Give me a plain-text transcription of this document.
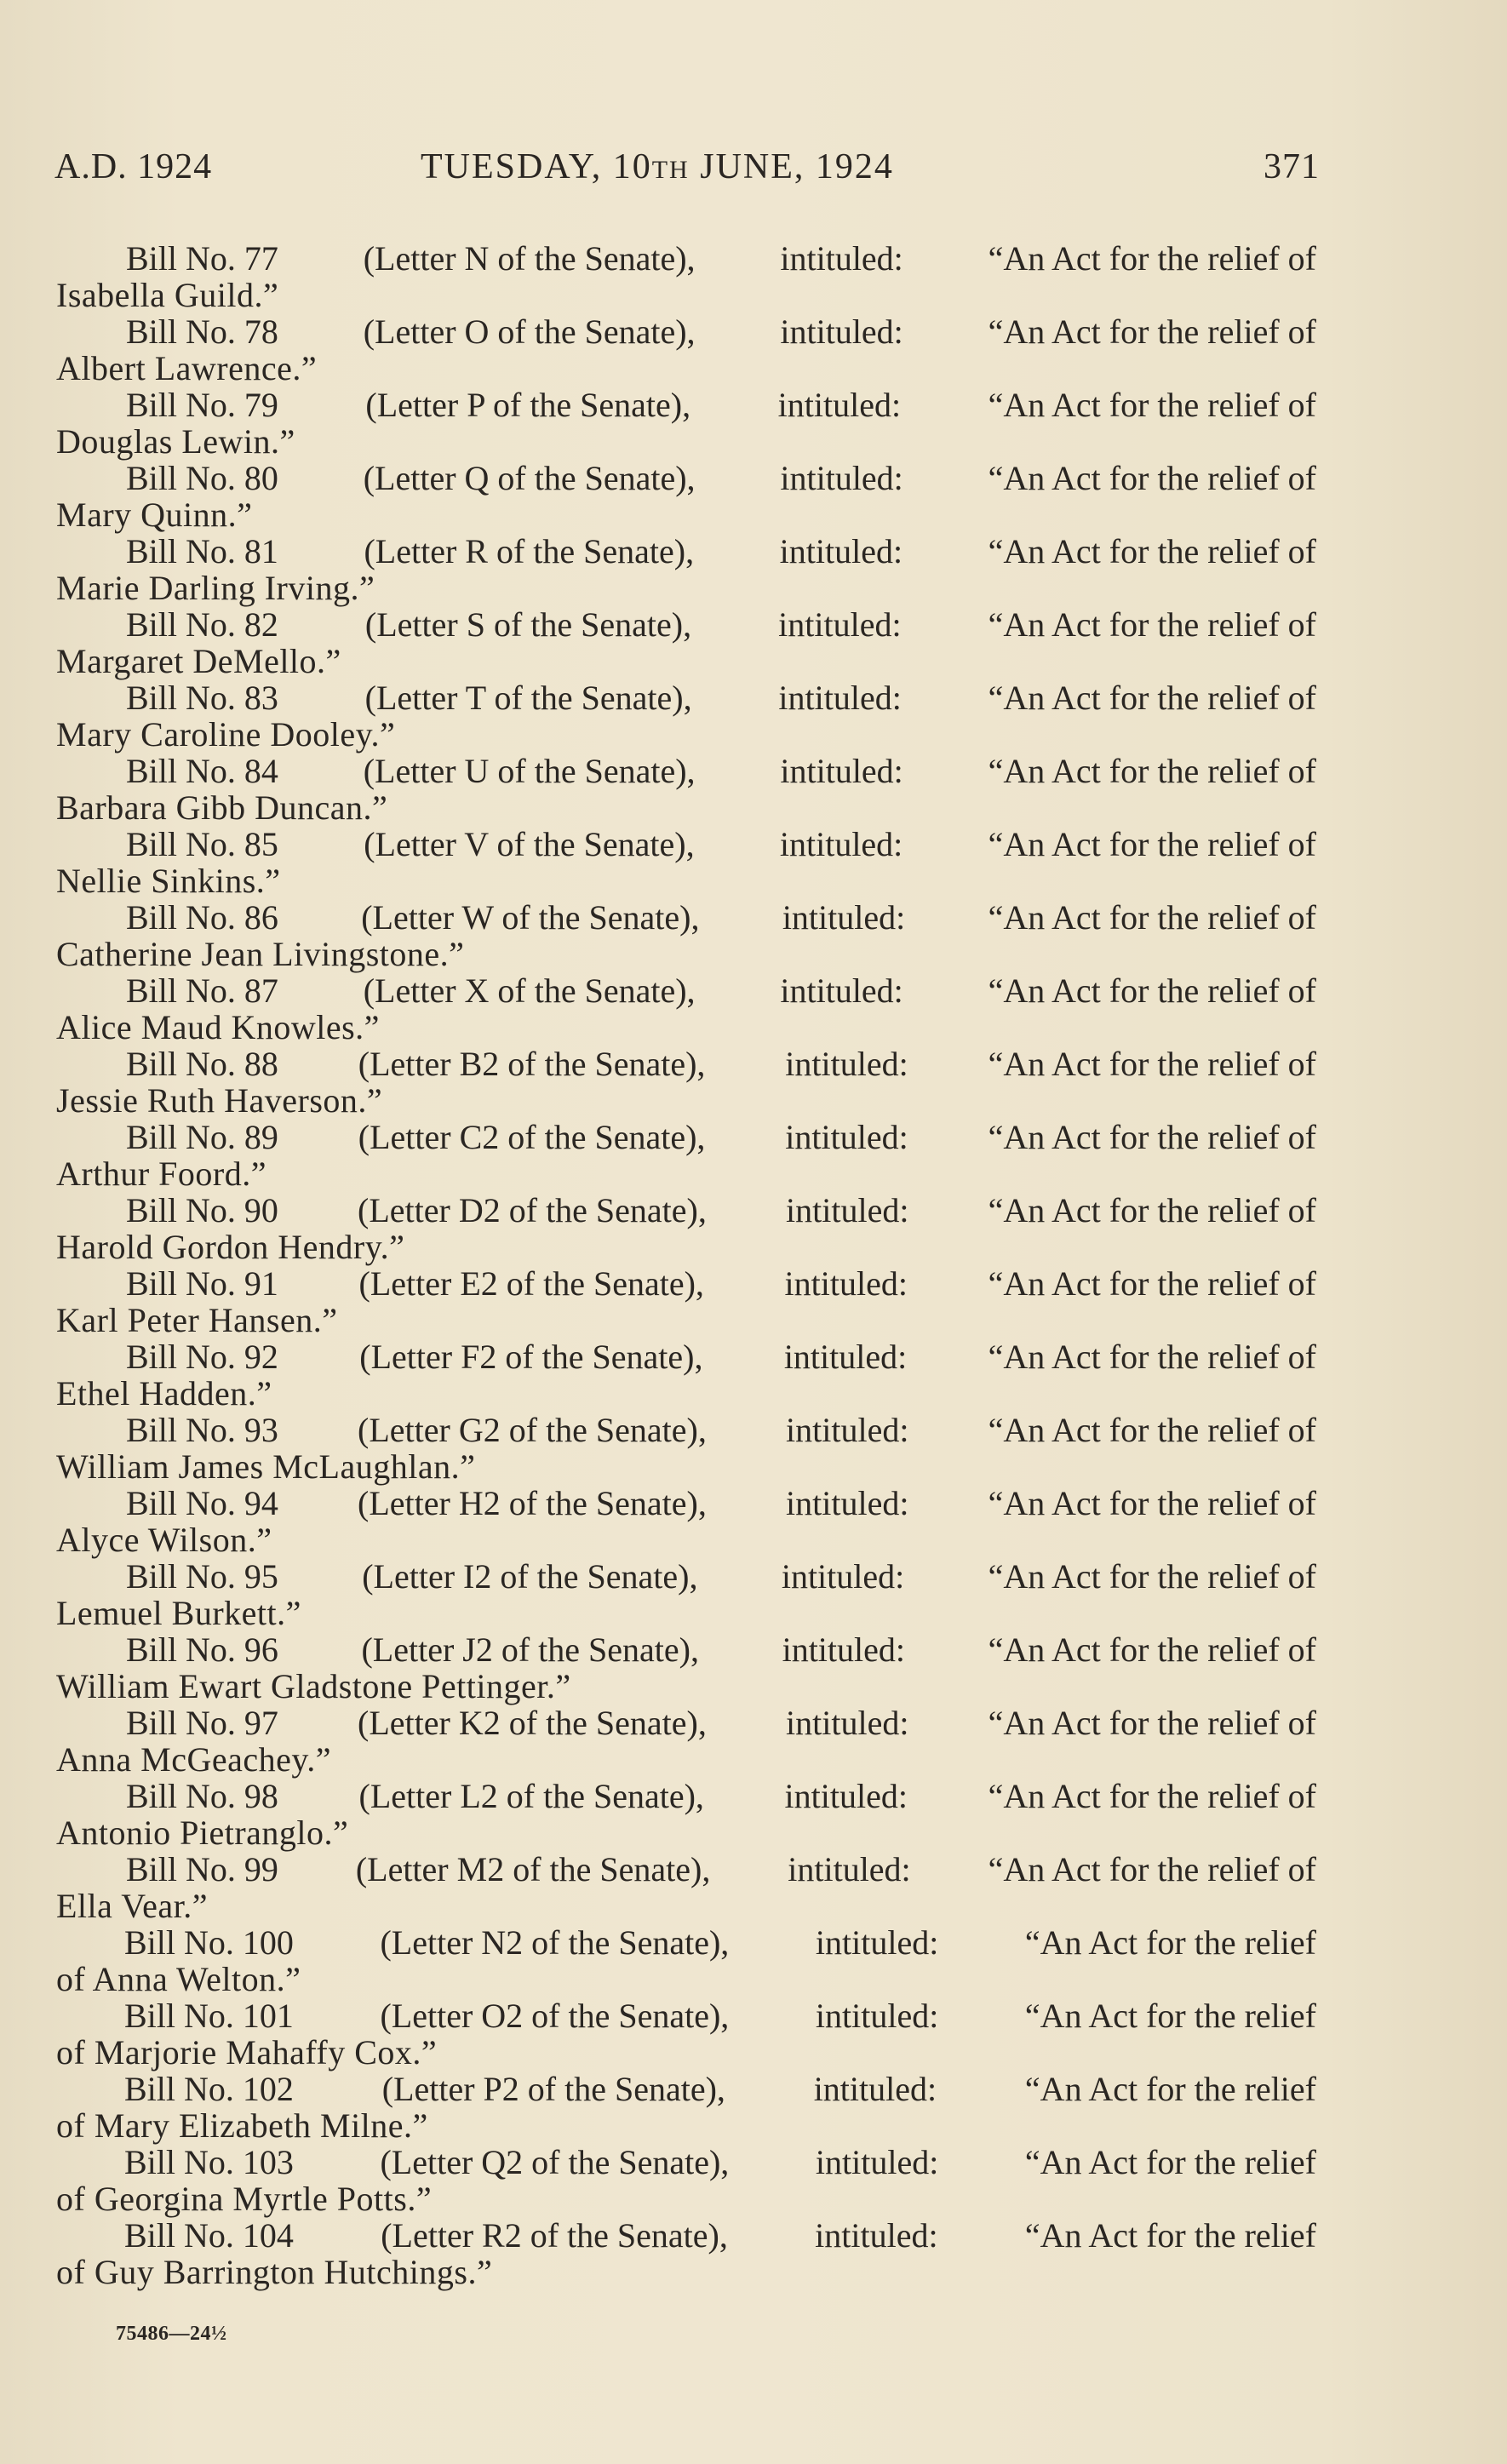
A.D. 1924	TUESDAY, 10TH JUNE, 1924	371
Bill No. 77 (Letter N of the Senate), intituled: “An Act for the relief of
Isabella Guild.”
Bill No. 78 (Letter O of the Senate), intituled: “An Act for the relief of
Albert Lawrence.”
Bill No. 79	(Letter P of the Senate),	intituled:	“An Act for the relief of
Douglas Lewin.”
Bill No. 80 (Letter Q of the Senate), intituled: “An Act for the relief of
Mary Quinn.”
Bill No. 81	(Letter R of the Senate),	intituled:	“An Act for the relief of
Marie Darling Irving.”
Bill No. 82	(Letter S of the Senate),	intituled:	“An Act for the relief of
Margaret DeMello.”
Bill No. 83	(Letter T of the Senate),	intituled:	“An Act for the relief of
Mary Caroline Dooley.”
Bill No. 84 (Letter U of the Senate), intituled: “An Act for the relief of
Barbara Gibb Duncan.”
Bill No. 85	(Letter V of the Senate),	intituled:	“An Act for the relief of
Nellie Sinkins.”
Bill No. 86 (Letter W of the Senate), intituled: “An Act for the relief of
Catherine Jean Livingstone.”
Bill No. 87 (Letter X of the Senate), intituled: “An Act for the relief of
Alice Maud Knowles.”
Bill No. 88 (Letter B2 of the Senate), intituled: “An Act for the relief of
Jessie Ruth Haverson.”
Bill No. 89 (Letter C2 of the Senate), intituled: “An Act for the relief of
Arthur Foord.”
Bill No. 90 (Letter D2 of the Senate), intituled: “An Act for the relief of
Harold Gordon Hendry.”
Bill No. 91 (Letter E2 of the Senate), intituled: “An Act for the relief of
Karl Peter Hansen.”
Bill No. 92 (Letter F2 of the Senate), intituled: “An Act for the relief of
Ethel Hadden.”
Bill No. 93 (Letter G2 of the Senate), intituled: “An Act for the relief of
William James McLaughlan.”
Bill No. 94 (Letter H2 of the Senate), intituled: “An Act for the relief of
Alyce Wilson.”
Bill No. 95 (Letter I2 of the Senate), intituled: “An Act for the relief of
Lemuel Burkett.”
Bill No. 96 (Letter J2 of the Senate), intituled: “An Act for the relief of
William Ewart Gladstone Pettinger.”
Bill No. 97 (Letter K2 of the Senate), intituled: “An Act for the relief of
Anna McGeachey.”
Bill No. 98 (Letter L2 of the Senate), intituled: “An Act for the relief of
Antonio Pietranglo.”
Bill No. 99 (Letter M2 of the Senate), intituled: “An Act for the relief of
Ella Vear.”
Bill No. 100	(Letter N2 of the Senate),	intituled:	“An Act for the relief
of Anna Welton.”
Bill No. 101	(Letter O2 of the Senate),	intituled:	“An Act for the relief
of Marjorie Mahaffy Cox.”
Bill No. 102	(Letter P2 of the Senate),	intituled:	“An Act for the relief
of Mary Elizabeth Milne.”
Bill No. 103	(Letter Q2 of the Senate),	intituled:	“An Act for the relief
of Georgina Myrtle Potts.”
Bill No. 104	(Letter R2 of the Senate),	intituled:	“An Act for the relief
of Guy Barrington Hutchings.”
75486—24½
